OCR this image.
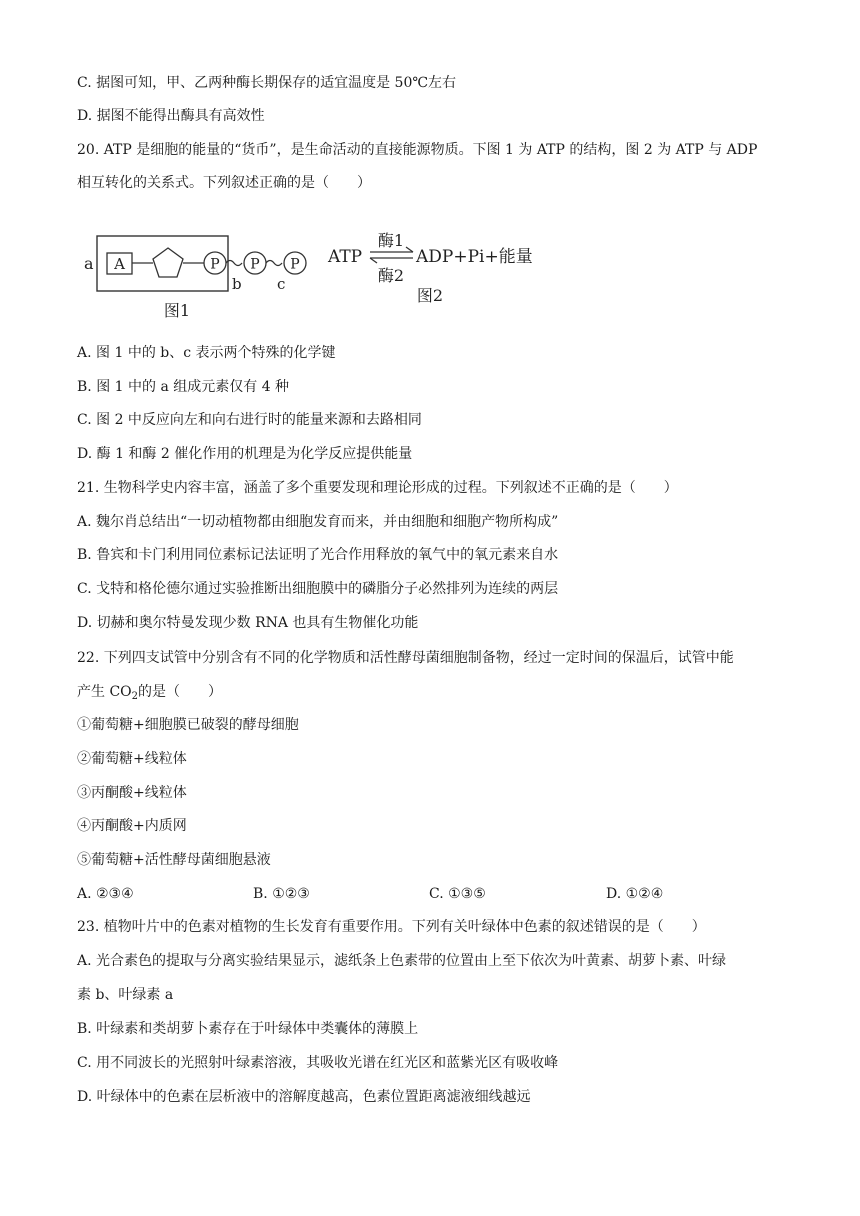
C. 据图可知，甲、乙两种酶长期保存的适宜温度是 50℃左右
D. 据图不能得出酶具有高效性
20. ATP 是细胞的能量的“货币”，是生命活动的直接能源物质。下图 1 为 ATP 的结构，图 2 为 ATP 与 ADP
相互转化的关系式。下列叙述正确的是（　　）
a A	P P P
b c
图1
ATP
酶1
酶2
ADP+Pi+能量
图2
A. 图 1 中的 b、c 表示两个特殊的化学键
B. 图 1 中的 a 组成元素仅有 4 种
C. 图 2 中反应向左和向右进行时的能量来源和去路相同
D. 酶 1 和酶 2 催化作用的机理是为化学反应提供能量
21. 生物科学史内容丰富，涵盖了多个重要发现和理论形成的过程。下列叙述不正确的是（　　）
A. 魏尔肖总结出“一切动植物都由细胞发育而来，并由细胞和细胞产物所构成”
B. 鲁宾和卡门利用同位素标记法证明了光合作用释放的氧气中的氧元素来自水
C. 戈特和格伦德尔通过实验推断出细胞膜中的磷脂分子必然排列为连续的两层
D. 切赫和奥尔特曼发现少数 RNA 也具有生物催化功能
22. 下列四支试管中分别含有不同的化学物质和活性酵母菌细胞制备物，经过一定时间的保温后，试管中能
产生 $CO_2$的是（　　）
①葡萄糖+细胞膜已破裂的酵母细胞
②葡萄糖+线粒体
③丙酮酸+线粒体
④丙酮酸+内质网
⑤葡萄糖+活性酵母菌细胞悬液
A. ②③④	B. ①②③	C. ①③⑤	D. ①②④
23. 植物叶片中的色素对植物的生长发育有重要作用。下列有关叶绿体中色素的叙述错误的是（　　）
A. 光合素色的提取与分离实验结果显示，滤纸条上色素带的位置由上至下依次为叶黄素、胡萝卜素、叶绿
素 b、叶绿素 a
B. 叶绿素和类胡萝卜素存在于叶绿体中类囊体的薄膜上
C. 用不同波长的光照射叶绿素溶液，其吸收光谱在红光区和蓝紫光区有吸收峰
D. 叶绿体中的色素在层析液中的溶解度越高，色素位置距离滤液细线越远
